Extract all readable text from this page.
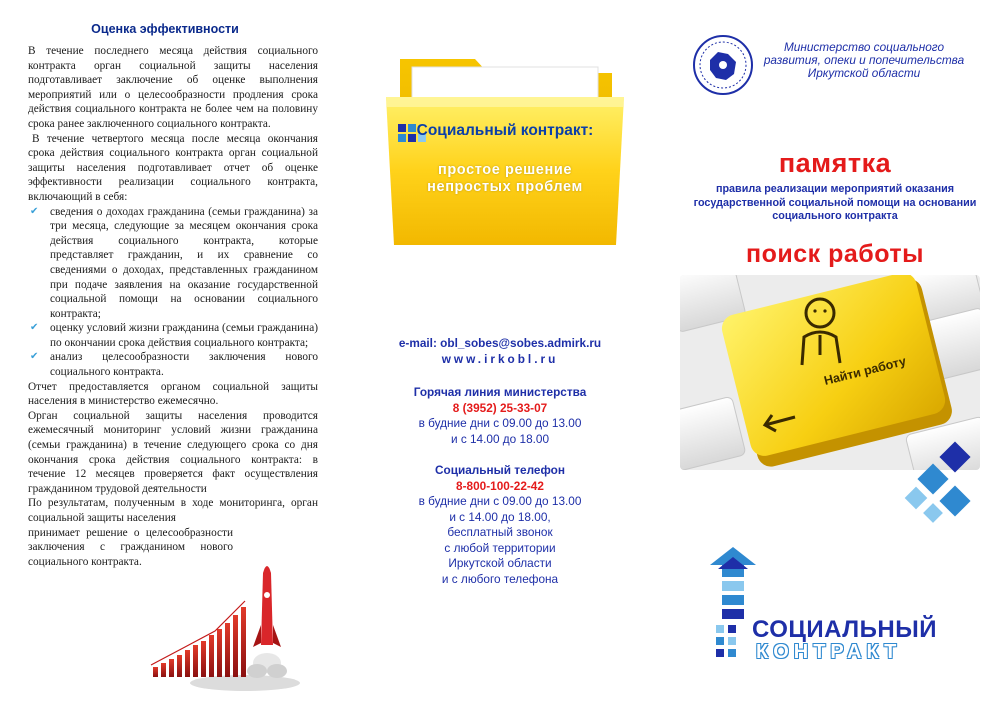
Оценка эффективности

В течение последнего месяца действия социального контракта орган социальной защиты населения подготавливает заключение об оценке выполнения мероприятий или о целесообразности продления срока действия социального контракта не более чем на половину срока ранее заключенного социального контракта.

В течение четвертого месяца после месяца окончания срока действия социального контракта орган социальной защиты населения подготавливает отчет об оценке эффективности реализации социального контракта, включающий в себя:

✔ сведения о доходах гражданина (семьи гражданина) за три месяца, следующие за месяцем окончания срока действия социального контракта, которые представляет гражданин, и их сравнение со сведениями о доходах, представленных гражданином при подаче заявления на оказание государственной социальной помощи на основании социального контракта;
✔ оценку условий жизни гражданина (семьи гражданина) по окончании срока действия социального контракта;
✔ анализ целесообразности заключения нового социального контракта.

Отчет предоставляется органом социальной защиты населения в министерство ежемесячно.

Орган социальной защиты населения проводится ежемесячный мониторинг условий жизни гражданина (семьи гражданина) в течение следующего срока со дня окончания срока действия социального контракта: в течение 12 месяцев проверяется факт осуществления гражданином трудовой деятельности

По результатам, полученным в ходе мониторинга, орган социальной защиты населения

принимает решение о целесообразности заключения с гражданином нового социального контракта.

Социальный контракт:
простое решение непростых проблем
e-mail: obl_sobes@sobes.admirk.ru
www.irkobl.ru
Горячая линия министерства
8 (3952) 25-33-07
в будние дни с 09.00 до 13.00
и с 14.00 до 18.00
Социальный телефон
8-800-100-22-42
в будние дни с 09.00 до 13.00
и с 14.00 до 18.00,
бесплатный звонок
с любой территории
Иркутской области
и с любого телефона
Министерство социального развития, опеки и попечительства Иркутской области
памятка
правила реализации мероприятий оказания государственной социальной помощи на основании социального контракта
поиск работы
Найти работу
СОЦИАЛЬНЫЙ
КОНТРАКТ
